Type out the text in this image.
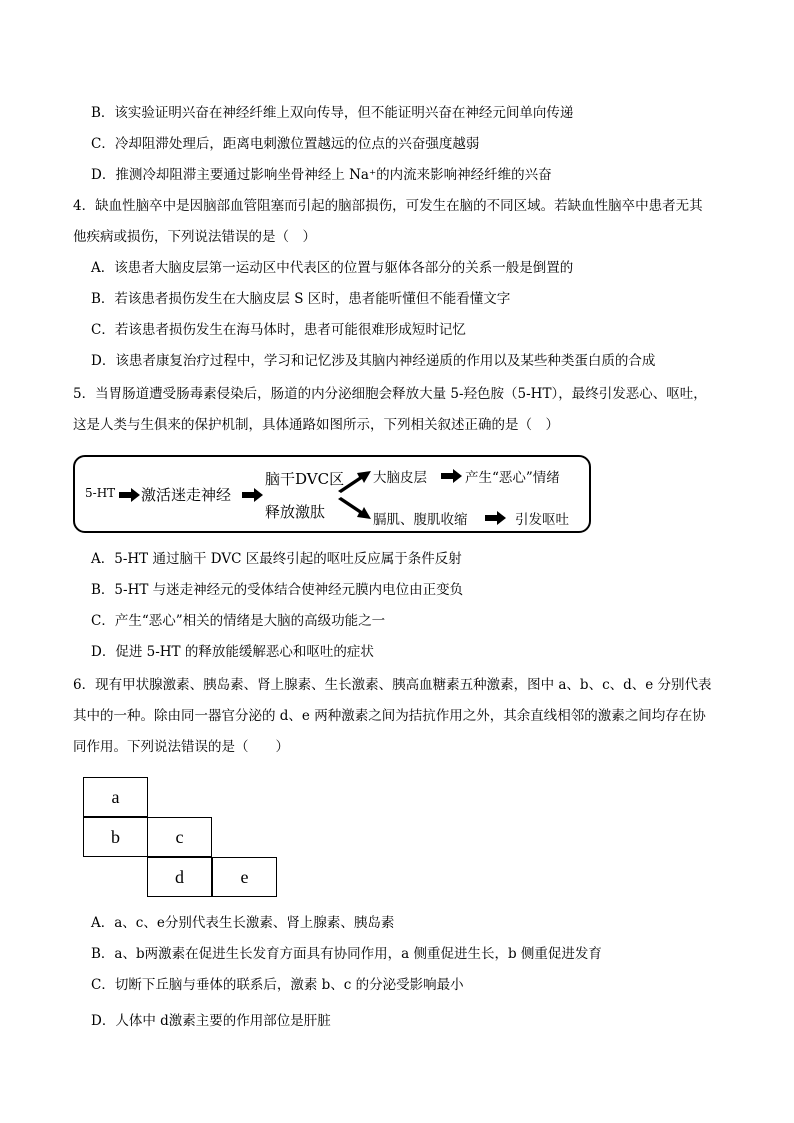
B．该实验证明兴奋在神经纤维上双向传导，但不能证明兴奋在神经元间单向传递
C．冷却阻滞处理后，距离电刺激位置越远的位点的兴奋强度越弱
D．推测冷却阻滞主要通过影响坐骨神经上 Na⁺的内流来影响神经纤维的兴奋
4．缺血性脑卒中是因脑部血管阻塞而引起的脑部损伤，可发生在脑的不同区域。若缺血性脑卒中患者无其
他疾病或损伤，下列说法错误的是（　）
A．该患者大脑皮层第一运动区中代表区的位置与躯体各部分的关系一般是倒置的
B．若该患者损伤发生在大脑皮层 S 区时，患者能听懂但不能看懂文字
C．若该患者损伤发生在海马体时，患者可能很难形成短时记忆
D．该患者康复治疗过程中，学习和记忆涉及其脑内神经递质的作用以及某些种类蛋白质的合成
5．当胃肠道遭受肠毒素侵染后，肠道的内分泌细胞会释放大量 5-羟色胺（5-HT），最终引发恶心、呕吐，
这是人类与生俱来的保护机制，具体通路如图所示，下列相关叙述正确的是（　）
5-HT 激活迷走神经
脑干DVC区
释放激肽
大脑皮层	产生“恶心”情绪
膈肌、腹肌收缩	引发呕吐
A．5-HT 通过脑干 DVC 区最终引起的呕吐反应属于条件反射
B．5-HT 与迷走神经元的受体结合使神经元膜内电位由正变负
C．产生“恶心”相关的情绪是大脑的高级功能之一
D．促进 5-HT 的释放能缓解恶心和呕吐的症状
6．现有甲状腺激素、胰岛素、肾上腺素、生长激素、胰高血糖素五种激素，图中 a、b、c、d、e 分别代表
其中的一种。除由同一器官分泌的 d、e 两种激素之间为拮抗作用之外，其余直线相邻的激素之间均存在协
同作用。下列说法错误的是（　　）
a
b	c
d	e
A．a、c、e分别代表生长激素、肾上腺素、胰岛素
B．a、b两激素在促进生长发育方面具有协同作用，a 侧重促进生长，b 侧重促进发育
C．切断下丘脑与垂体的联系后，激素 b、c 的分泌受影响最小
D．人体中 d激素主要的作用部位是肝脏
